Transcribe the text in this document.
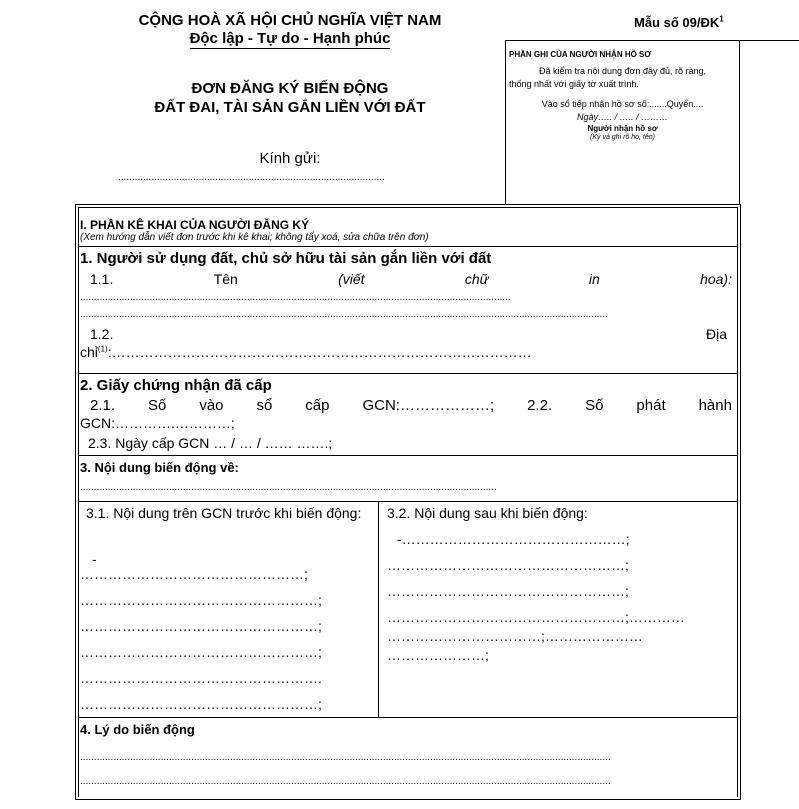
CỘNG HOÀ XÃ HỘI CHỦ NGHĨA VIỆT NAM
Độc lập - Tự do - Hạnh phúc
Mẫu số $09/ĐK^1$
ĐƠN ĐĂNG KÝ BIẾN ĐỘNG
ĐẤT ĐAI, TÀI SẢN GẮN LIỀN VỚI ĐẤT
Kính gửi:
................................................................................................
PHẦN GHI CỦA NGƯỜI NHẬN HỒ SƠ
Đã kiểm tra nội dung đơn đầy đủ, rõ ràng,
thống nhất với giấy tờ xuất trình.
Vào sổ tiếp nhận hồ sơ số:.......Quyển....
Ngày….. / ….. / ………
Người nhận hồ sơ
(Ký và ghi rõ họ, tên)
I. PHẦN KÊ KHAI CỦA NGƯỜI ĐĂNG KÝ
(Xem hướng dẫn viết đơn trước khi kê khai; không tẩy xoá, sửa chữa trên đơn)
1. Người sử dụng đất, chủ sở hữu tài sản gắn liền với đất
1.1.	Tên	(viết	chữ	in	hoa):
...........................................................................................................................................................
..............................................................................................................................................................................................
1.2.	Địa
chỉ$^{(1)}$:………………………………………………………………………………
2. Giấy chứng nhận đã cấp
2.1. Số vào sổ cấp GCN:………………; 2.2. Số phát hành
GCN:………….…………;
2.3. Ngày cấp GCN … / … / …… …….;
3. Nội dung biến động về:
......................................................................................................................................................
3.1. Nội dung trên GCN trước khi biến động:
-
…………………………………………;
……………………………………………;
……………………………………………;
……………………………………………;
…………………………………………….
……………………………………………;
3.2. Nội dung sau khi biến động:
-…………………………………………;
……………………………………………;
……………………………………………;
……………………………………………;…………
……………………………;…………………
…………………;
4. Lý do biến động
...............................................................................................................................................................................................
...............................................................................................................................................................................................
